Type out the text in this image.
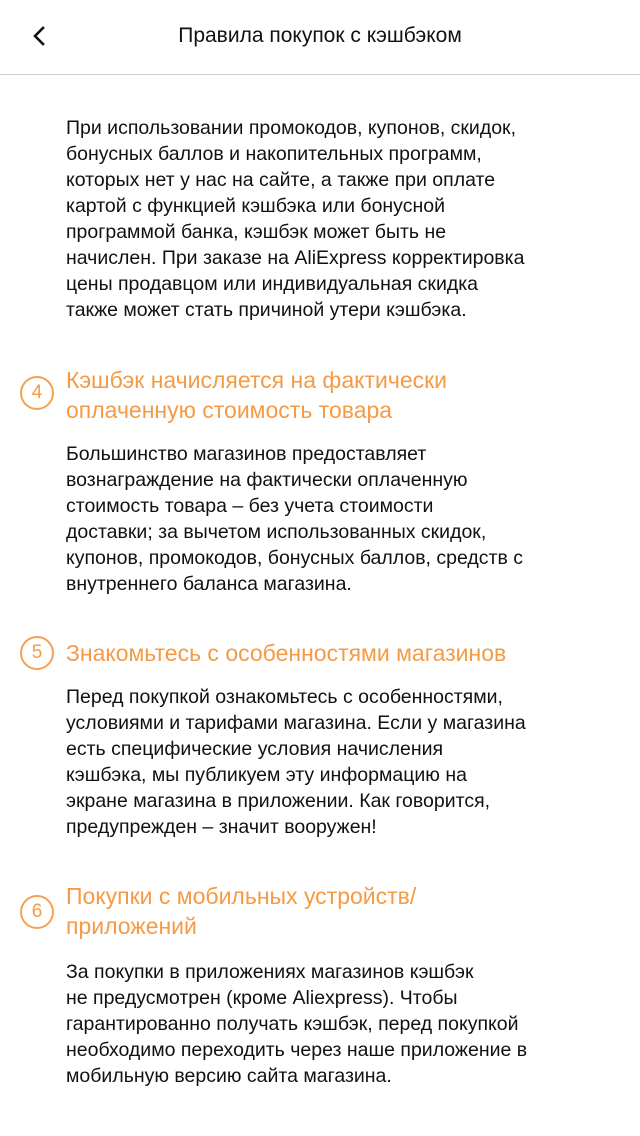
Правила покупок с кэшбэком
При использовании промокодов, купонов, скидок,
бонусных баллов и накопительных программ,
которых нет у нас на сайте, а также при оплате
картой с функцией кэшбэка или бонусной
программой банка, кэшбэк может быть не
начислен. При заказе на AliExpress корректировка
цены продавцом или индивидуальная скидка
также может стать причиной утери кэшбэка.
4	Кэшбэк начисляется на фактически
оплаченную стоимость товара
Большинство магазинов предоставляет
вознаграждение на фактически оплаченную
стоимость товара – без учета стоимости
доставки; за вычетом использованных скидок,
купонов, промокодов, бонусных баллов, средств с
внутреннего баланса магазина.
5	Знакомьтесь с особенностями магазинов
Перед покупкой ознакомьтесь с особенностями,
условиями и тарифами магазина. Если у магазина
есть специфические условия начисления
кэшбэка, мы публикуем эту информацию на
экране магазина в приложении. Как говорится,
предупрежден – значит вооружен!
6
Покупки с мобильных устройств/
приложений
За покупки в приложениях магазинов кэшбэк
не предусмотрен (кроме Aliexpress). Чтобы
гарантированно получать кэшбэк, перед покупкой
необходимо переходить через наше приложение в
мобильную версию сайта магазина.
